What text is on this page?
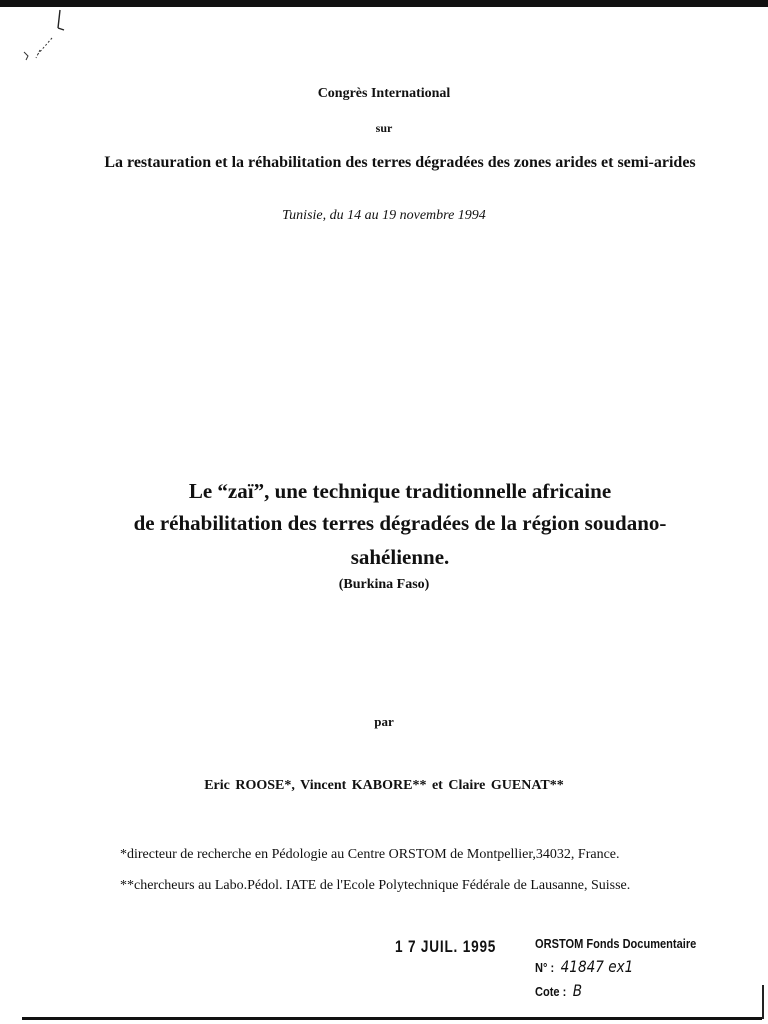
Congrès International
sur
La restauration et la réhabilitation des terres dégradées des zones arides et semi-arides
Tunisie, du 14 au 19 novembre 1994
Le “zaï”, une technique traditionnelle africaine
de réhabilitation des terres dégradées de la région soudano-sahélienne.
(Burkina Faso)
par
Eric ROOSE*, Vincent KABORE** et Claire GUENAT**
*directeur de recherche en Pédologie au Centre ORSTOM de Montpellier,34032, France.
**chercheurs au Labo.Pédol. IATE de l'Ecole Polytechnique Fédérale de Lausanne, Suisse.
1 7 JUIL. 1995	ORSTOM Fonds Documentaire
N° : 41847 ex1
Cote : B
